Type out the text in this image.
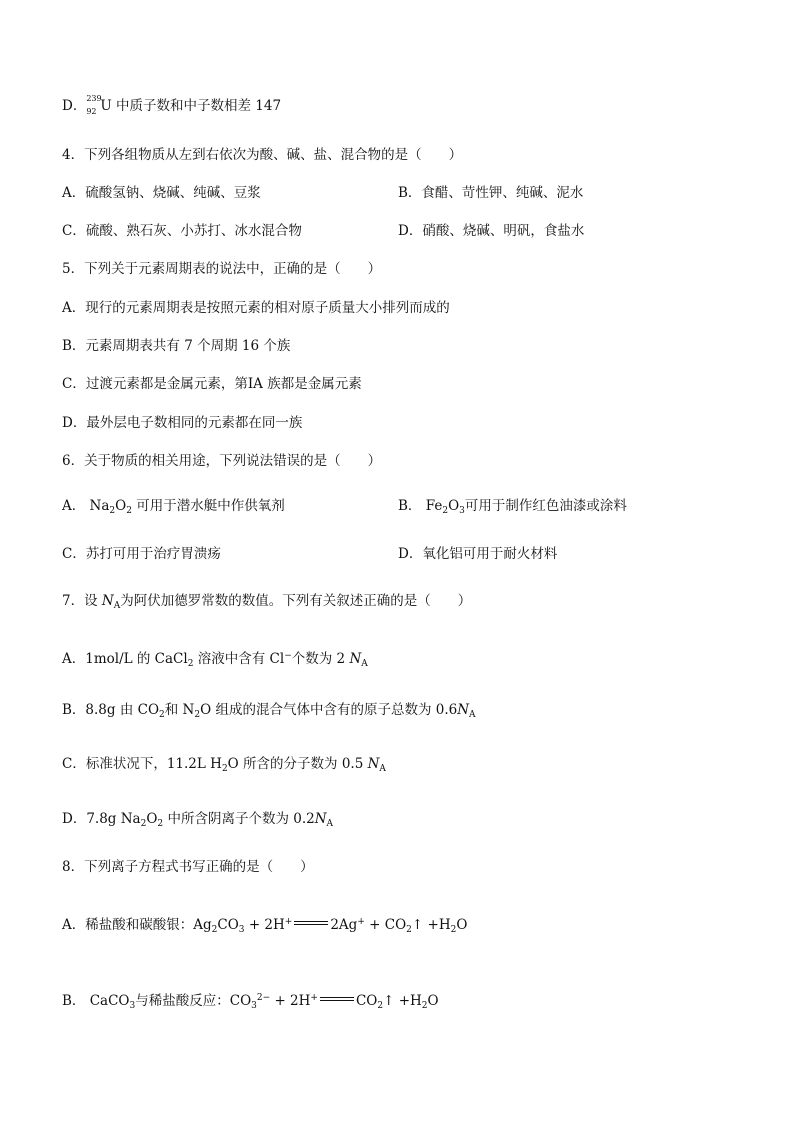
D． 239
92 U 中质子数和中子数相差 147
4．下列各组物质从左到右依次为酸、碱、盐、混合物的是（　　）
A．硫酸氢钠、烧碱、纯碱、豆浆	B．食醋、苛性钾、纯碱、泥水
C．硫酸、熟石灰、小苏打、冰水混合物	D．硝酸、烧碱、明矾，食盐水
5．下列关于元素周期表的说法中，正确的是（　　）
A．现行的元素周期表是按照元素的相对原子质量大小排列而成的
B．元素周期表共有 7 个周期 16 个族
C．过渡元素都是金属元素，第ⅠA 族都是金属元素
D．最外层电子数相同的元素都在同一族
6．关于物质的相关用途，下列说法错误的是（　　）
A． $Na_2O_2$ 可用于潜水艇中作供氧剂	B． $Fe_2O_3$可用于制作红色油漆或涂料
C．苏打可用于治疗胃溃疡	D．氧化铝可用于耐火材料
7．设 $N_A$为阿伏加德罗常数的数值。下列有关叙述正确的是（　　）
A．1mol/L 的 CaCl$_2$ 溶液中含有 Cl−个数为 2 $N_A$
B．8.8g 由 $CO_2$和 $N_2O$ 组成的混合气体中含有的原子总数为 $0.6N_A$
C．标准状况下，11.2L $H_2O$ 所含的分子数为 0.5 $N_A$
D．7.8g $Na_2O_2$ 中所含阴离子个数为 $0.2N_A$
8．下列离子方程式书写正确的是（　　）
A．稀盐酸和碳酸银：$Ag_2CO_3 + 2H^+$	$2Ag^+ + CO_2↑ +H_2O$
B． CaCO$_3$与稀盐酸反应：$CO_3^{2-} + 2H^+$	$CO_2↑ +H_2O$
